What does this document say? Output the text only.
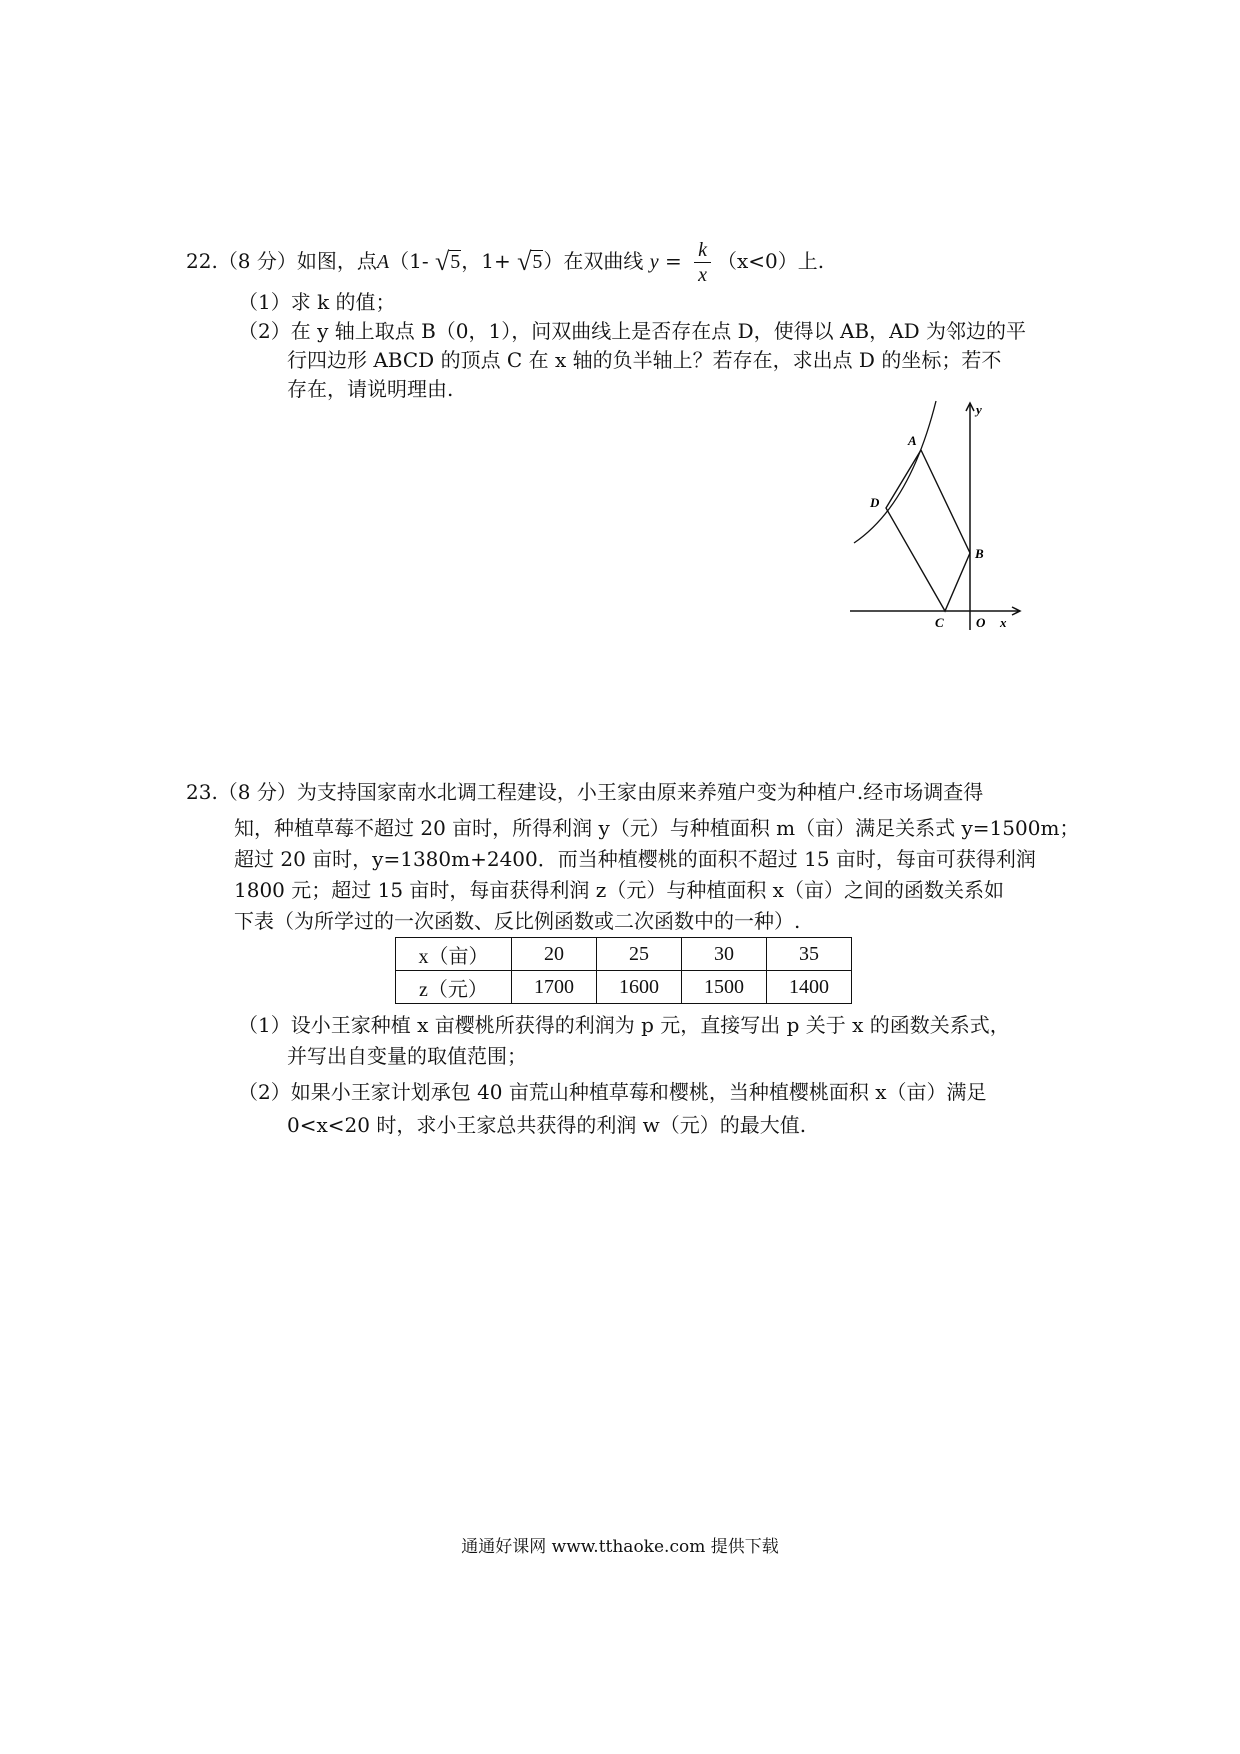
22.（8 分）如图，点A（1- √5，1+ √5）在双曲线 $y = \frac{k}{x} (x<0)$上.
（1）求 k 的值；
（2）在 y 轴上取点 B（0，1），问双曲线上是否存在点 D，使得以 AB，AD 为邻边的平
行四边形 ABCD 的顶点 C 在 x 轴的负半轴上？若存在，求出点 D 的坐标；若不
存在，请说明理由.
A
B
C
D
O x
y
23.（8 分）为支持国家南水北调工程建设，小王家由原来养殖户变为种植户.经市场调查得
知，种植草莓不超过 20 亩时，所得利润 y（元）与种植面积 m（亩）满足关系式 y=1500m；
超过 20 亩时，y=1380m+2400．而当种植樱桃的面积不超过 15 亩时，每亩可获得利润
1800 元；超过 15 亩时，每亩获得利润 z（元）与种植面积 x（亩）之间的函数关系如
下表（为所学过的一次函数、反比例函数或二次函数中的一种）.
x（亩）	20	25	30	35
z（元）	1700	1600	1500	1400
（1）设小王家种植 x 亩樱桃所获得的利润为 p 元，直接写出 p 关于 x 的函数关系式，
并写出自变量的取值范围；
（2）如果小王家计划承包 40 亩荒山种植草莓和樱桃，当种植樱桃面积 x（亩）满足
0<x<20 时，求小王家总共获得的利润 w（元）的最大值.
通通好课网 www.tthaoke.com 提供下载
